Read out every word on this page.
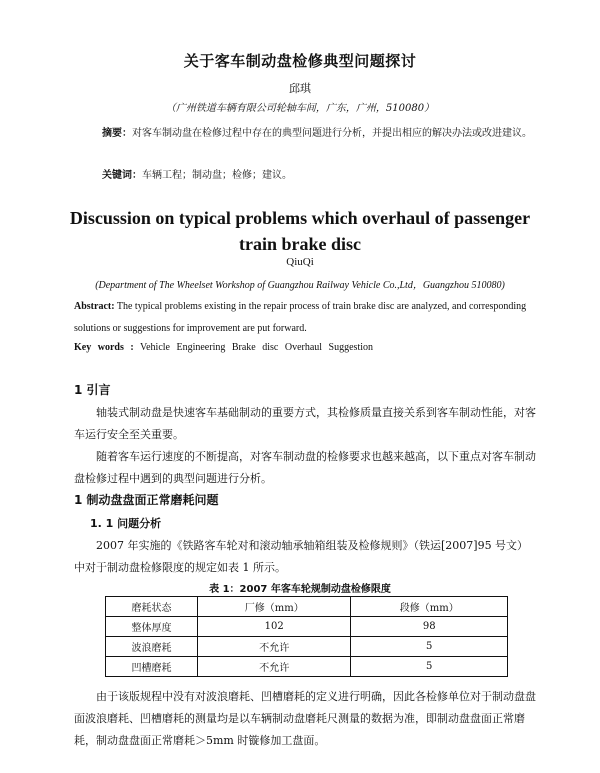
关于客车制动盘检修典型问题探讨
邱琪
（广州铁道车辆有限公司轮轴车间，广东，广州，510080）
摘要：对客车制动盘在检修过程中存在的典型问题进行分析，并提出相应的解决办法或改进建议。
关键词：车辆工程；制动盘；检修；建议。
Discussion on typical problems which overhaul of passenger train brake disc
QiuQi
(Department of The Wheelset Workshop of Guangzhou Railway Vehicle Co.,Ltd，Guangzhou 510080)
Abstract: The typical problems existing in the repair process of train brake disc are analyzed, and corresponding solutions or suggestions for improvement are put forward.
Key words : Vehicle Engineering Brake disc Overhaul Suggestion
1 引言
轴装式制动盘是快速客车基础制动的重要方式，其检修质量直接关系到客车制动性能，对客车运行安全至关重要。
随着客车运行速度的不断提高，对客车制动盘的检修要求也越来越高，以下重点对客车制动盘检修过程中遇到的典型问题进行分析。
1 制动盘盘面正常磨耗问题
1. 1 问题分析
2007 年实施的《铁路客车轮对和滚动轴承轴箱组装及检修规则》（铁运[2007]95 号文）中对于制动盘检修限度的规定如表 1 所示。
表 1：2007 年客车轮规制动盘检修限度
磨耗状态	厂修（mm）	段修（mm）
整体厚度	102	98
波浪磨耗	不允许	5
凹槽磨耗	不允许	5
由于该版规程中没有对波浪磨耗、凹槽磨耗的定义进行明确，因此各检修单位对于制动盘盘面波浪磨耗、凹槽磨耗的测量均是以车辆制动盘磨耗尺测量的数据为准，即制动盘盘面正常磨耗，制动盘盘面正常磨耗＞5mm 时镟修加工盘面。
